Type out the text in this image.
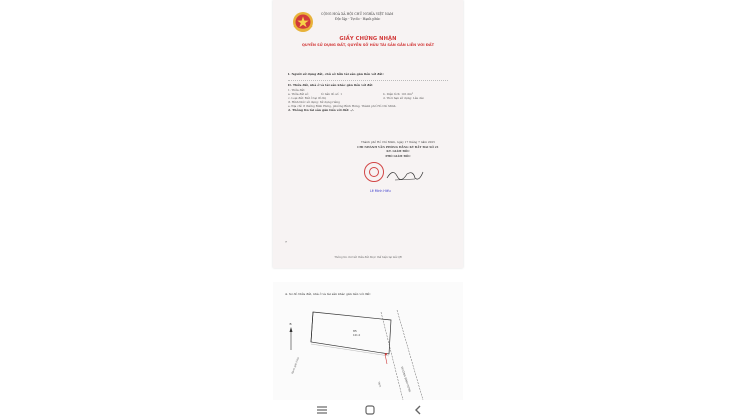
CỘNG HOÀ XÃ HỘI CHỦ NGHĨA VIỆT NAM
Độc lập - Tự do - Hạnh phúc
GIẤY CHỨNG NHẬN
QUYỀN SỬ DỤNG ĐẤT, QUYỀN SỞ HỮU TÀI SẢN GẮN LIỀN VỚI ĐẤT
I. Người sử dụng đất, chủ sở hữu tài sản gắn liền với đất:
II. Thửa đất, nhà ở và tài sản khác gắn liền với đất
1. Thửa đất:
a. Thửa đất số:	tờ bản đồ số: 1	b. Diện tích: 101.0m²
c. Loại đất: Đất ở tại đô thị	d. Thời hạn sử dụng: Lâu dài
đ. Hình thức sử dụng: Sử dụng riêng
e. Địa chỉ: 8 đường Bình Hưng, phường Bình Hưng, Thành phố Hồ Chí Minh.
2. Thông tin tài sản gắn liền với đất: -/-
Thành phố Hồ Chí Minh, ngày 17 tháng 7 năm 2025
CHI NHÁNH VĂN PHÒNG ĐĂNG KÝ ĐẤT ĐAI SỐ 21
KT. GIÁM ĐỐC
PHÓ GIÁM ĐỐC
Lê Minh Hiếu
7
Thông tin chi tiết thửa đất được thể hiện tại mã QR
4. Sơ đồ thửa đất, nhà ở và tài sản khác gắn liền với đất:
85
101.0
ĐƯỜNG BÌNH HƯNG
B
Ranh giới thửa
Hẻm
